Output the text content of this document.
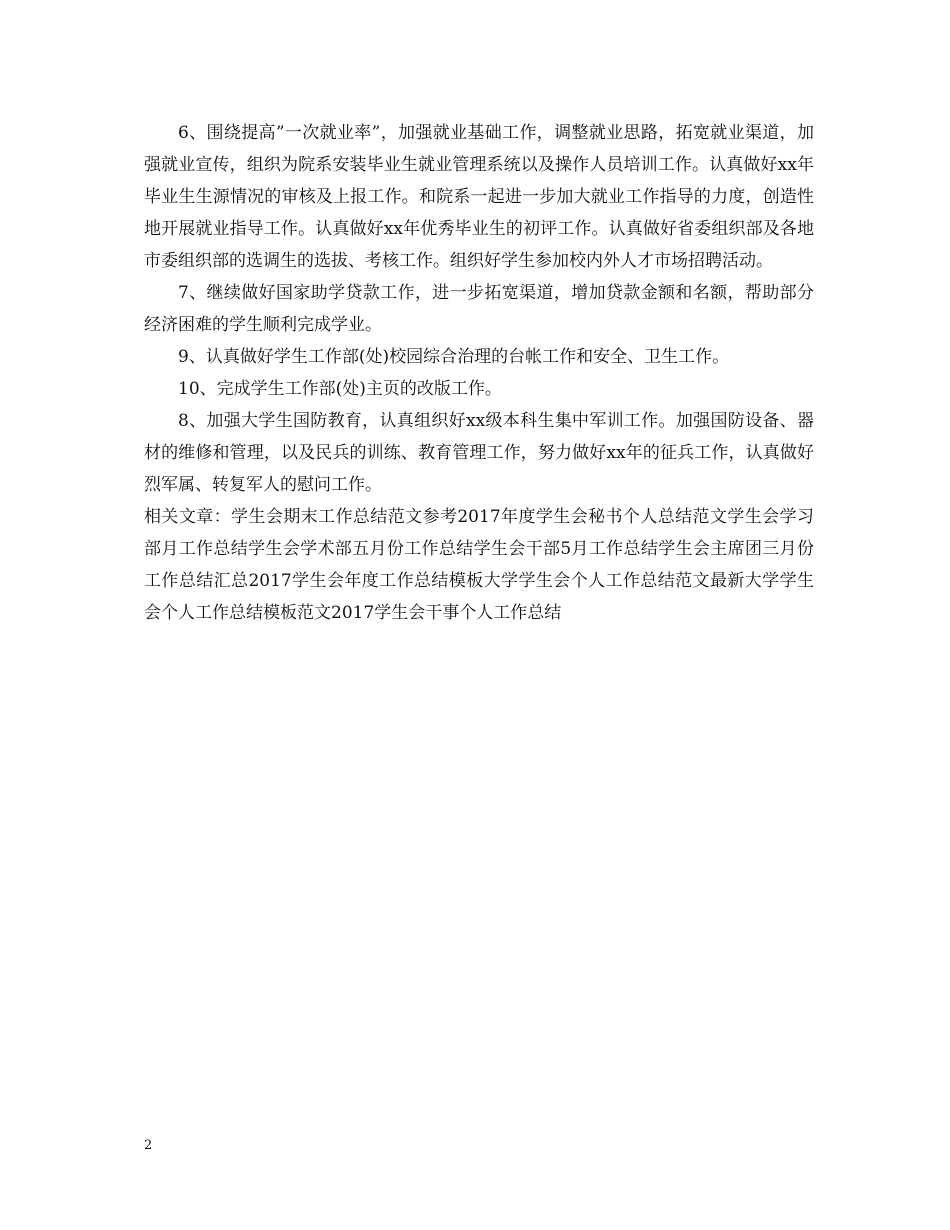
6、围绕提高”一次就业率”，加强就业基础工作，调整就业思路，拓宽就业渠道，加强就业宣传，组织为院系安装毕业生就业管理系统以及操作人员培训工作。认真做好xx年毕业生生源情况的审核及上报工作。和院系一起进一步加大就业工作指导的力度，创造性地开展就业指导工作。认真做好xx年优秀毕业生的初评工作。认真做好省委组织部及各地市委组织部的选调生的选拔、考核工作。组织好学生参加校内外人才市场招聘活动。

7、继续做好国家助学贷款工作，进一步拓宽渠道，增加贷款金额和名额，帮助部分经济困难的学生顺利完成学业。

9、认真做好学生工作部(处)校园综合治理的台帐工作和安全、卫生工作。

10、完成学生工作部(处)主页的改版工作。

8、加强大学生国防教育，认真组织好xx级本科生集中军训工作。加强国防设备、器材的维修和管理，以及民兵的训练、教育管理工作，努力做好xx年的征兵工作，认真做好烈军属、转复军人的慰问工作。

相关文章：学生会期末工作总结范文参考2017年度学生会秘书个人总结范文学生会学习部月工作总结学生会学术部五月份工作总结学生会干部5月工作总结学生会主席团三月份工作总结汇总2017学生会年度工作总结模板大学学生会个人工作总结范文最新大学学生会个人工作总结模板范文2017学生会干事个人工作总结

2
